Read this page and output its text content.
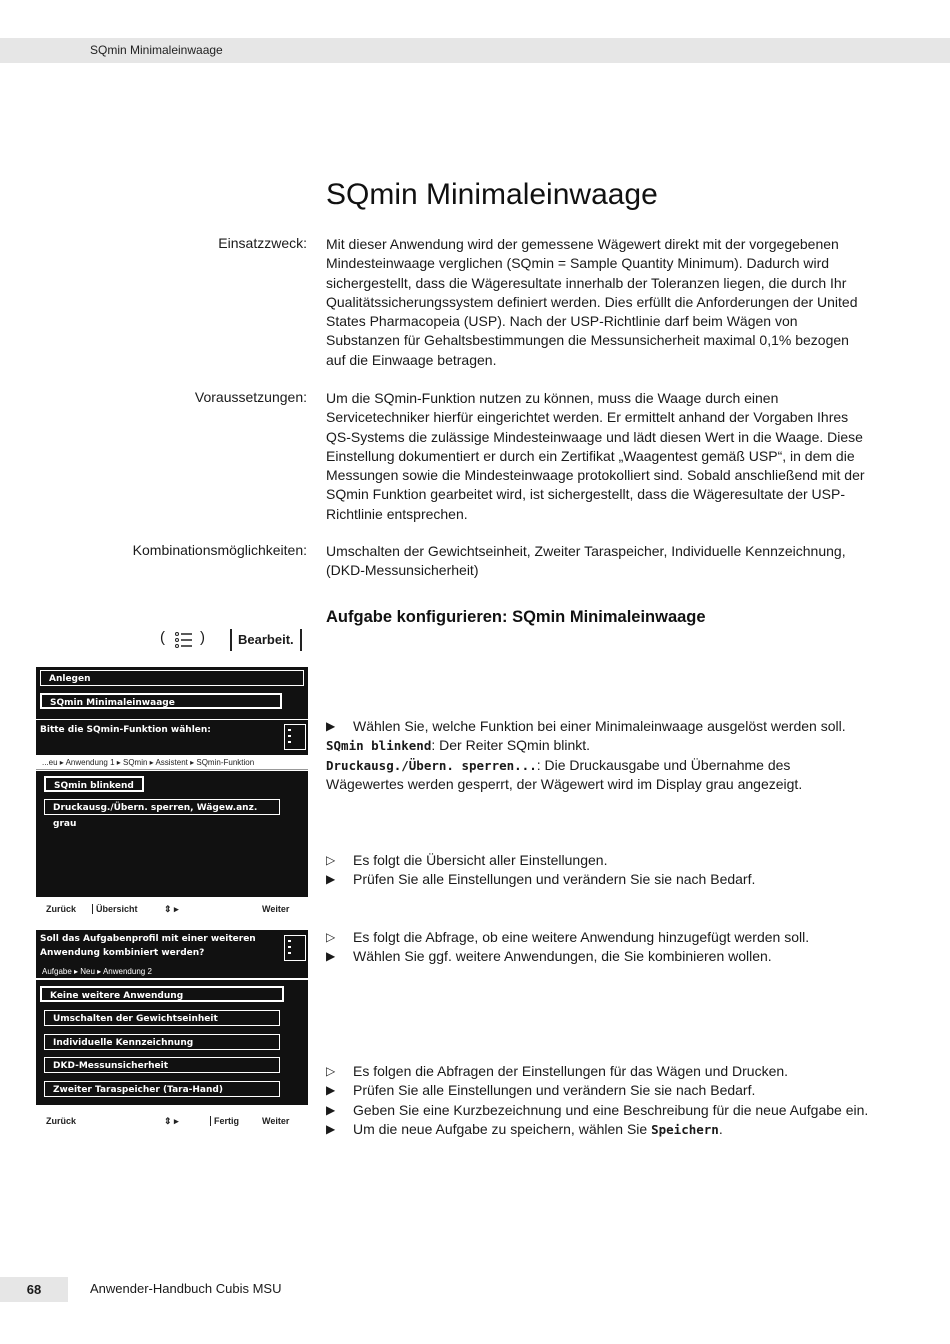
SQmin Minimaleinwaage
SQmin Minimaleinwaage
Einsatzzweck: Mit dieser Anwendung wird der gemessene Wägewert direkt mit der vorgegebenen Mindesteinwaage verglichen (SQmin = Sample Quantity Minimum). Dadurch wird sichergestellt, dass die Wägeresultate innerhalb der Toleranzen liegen, die durch Ihr Qualitätssicherungssystem definiert werden. Dies erfüllt die Anforderungen der United States Pharmacopeia (USP). Nach der USP-Richtlinie darf beim Wägen von Substanzen für Gehaltsbestimmungen die Messunsicherheit maximal 0,1% bezogen auf die Einwaage betragen.

Voraussetzungen: Um die SQmin-Funktion nutzen zu können, muss die Waage durch einen Servicetechniker hierfür eingerichtet werden. Er ermittelt anhand der Vorgaben Ihres QS-Systems die zulässige Mindesteinwaage und lädt diesen Wert in die Waage. Diese Einstellung dokumentiert er durch ein Zertifikat „Waagentest gemäß USP“, in dem die Messungen sowie die Mindesteinwaage protokolliert sind. Sobald anschließend mit der SQmin Funktion gearbeitet wird, ist sichergestellt, dass die Wägeresultate der USP-Richtlinie entsprechen.

Kombinationsmöglichkeiten: Umschalten der Gewichtseinheit, Zweiter Taraspeicher, Individuelle Kennzeichnung, (DKD-Messunsicherheit)

Aufgabe konfigurieren: SQmin Minimaleinwaage
( )	Bearbeit.
Anlegen
SQmin Minimaleinwaage
Bitte die SQmin-Funktion wählen:
...eu ▸ Anwendung 1 ▸ SQmin ▸ Assistent ▸ SQmin-Funktion
SQmin blinkend
Druckausg./Übern. sperren, Wägew.anz. grau
Zurück	Übersicht	⇕ ▸	Weiter
Soll das Aufgabenprofil mit einer weiteren
Anwendung kombiniert werden?
Aufgabe ▸ Neu ▸ Anwendung 2
Keine weitere Anwendung
Umschalten der Gewichtseinheit
Individuelle Kennzeichnung
DKD-Messunsicherheit
Zweiter Taraspeicher (Tara-Hand)
Zurück	⇕ ▸	Fertig	Weiter
▶ Wählen Sie, welche Funktion bei einer Minimaleinwaage ausgelöst werden soll.
SQmin blinkend: Der Reiter SQmin blinkt.
Druckausg./Übern. sperren...: Die Druckausgabe und Übernahme des Wägewertes werden gesperrt, der Wägewert wird im Display grau angezeigt.
▷ Es folgt die Übersicht aller Einstellungen.
▶ Prüfen Sie alle Einstellungen und verändern Sie sie nach Bedarf.
▷ Es folgt die Abfrage, ob eine weitere Anwendung hinzugefügt werden soll.
▶ Wählen Sie ggf. weitere Anwendungen, die Sie kombinieren wollen.
▷ Es folgen die Abfragen der Einstellungen für das Wägen und Drucken.
▶ Prüfen Sie alle Einstellungen und verändern Sie sie nach Bedarf.
▶ Geben Sie eine Kurzbezeichnung und eine Beschreibung für die neue Aufgabe ein.
▶ Um die neue Aufgabe zu speichern, wählen Sie Speichern.
68	Anwender-Handbuch Cubis MSU
